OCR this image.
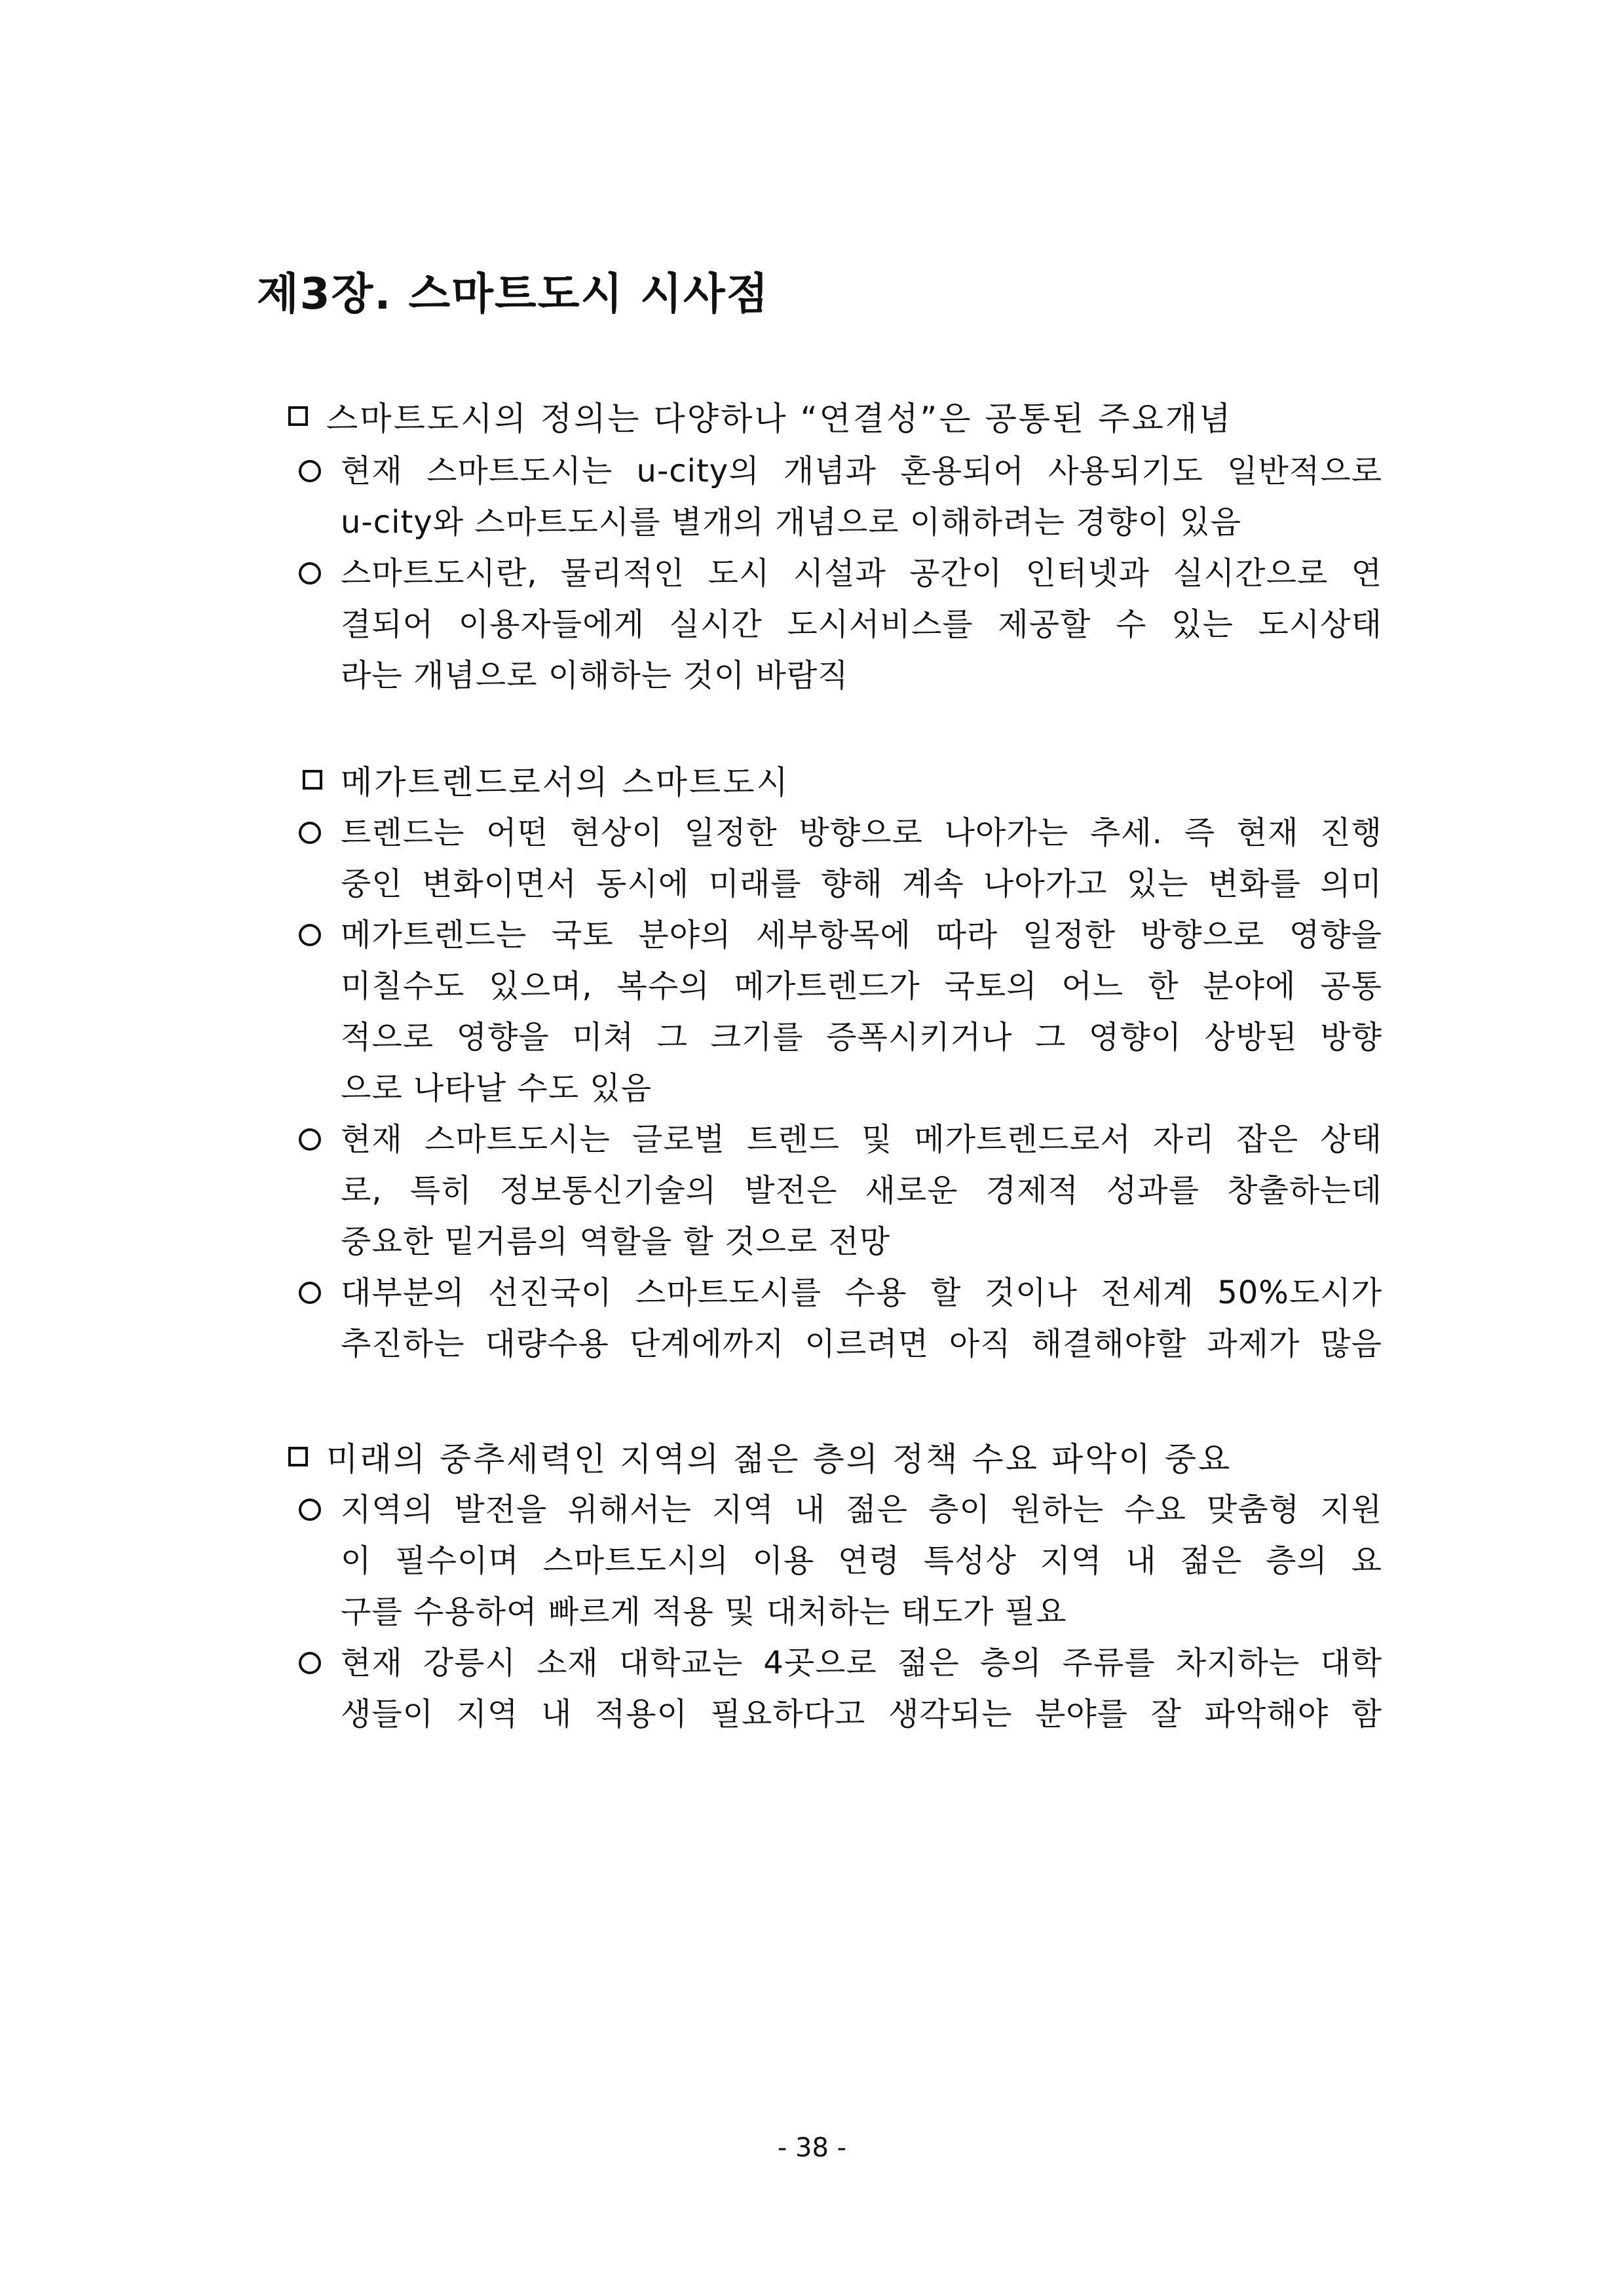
제3장. 스마트도시 시사점
스마트도시의 정의는 다양하나 “연결성”은 공통된 주요개념
현재 스마트도시는 u-city의 개념과 혼용되어 사용되기도 일반적으로
u-city와 스마트도시를 별개의 개념으로 이해하려는 경향이 있음
스마트도시란, 물리적인 도시 시설과 공간이 인터넷과 실시간으로 연
결되어 이용자들에게 실시간 도시서비스를 제공할 수 있는 도시상태
라는 개념으로 이해하는 것이 바람직
메가트렌드로서의 스마트도시
트렌드는 어떤 현상이 일정한 방향으로 나아가는 추세. 즉 현재 진행
중인 변화이면서 동시에 미래를 향해 계속 나아가고 있는 변화를 의미
메가트렌드는 국토 분야의 세부항목에 따라 일정한 방향으로 영향을
미칠수도 있으며, 복수의 메가트렌드가 국토의 어느 한 분야에 공통
적으로 영향을 미쳐 그 크기를 증폭시키거나 그 영향이 상방된 방향
으로 나타날 수도 있음
현재 스마트도시는 글로벌 트렌드 및 메가트렌드로서 자리 잡은 상태
로, 특히 정보통신기술의 발전은 새로운 경제적 성과를 창출하는데
중요한 밑거름의 역할을 할 것으로 전망
대부분의 선진국이 스마트도시를 수용 할 것이나 전세계 50%도시가
추진하는 대량수용 단계에까지 이르려면 아직 해결해야할 과제가 많음
미래의 중추세력인 지역의 젊은 층의 정책 수요 파악이 중요
지역의 발전을 위해서는 지역 내 젊은 층이 원하는 수요 맞춤형 지원
이 필수이며 스마트도시의 이용 연령 특성상 지역 내 젊은 층의 요
구를 수용하여 빠르게 적용 및 대처하는 태도가 필요
현재 강릉시 소재 대학교는 4곳으로 젊은 층의 주류를 차지하는 대학
생들이 지역 내 적용이 필요하다고 생각되는 분야를 잘 파악해야 함
- 38 -
